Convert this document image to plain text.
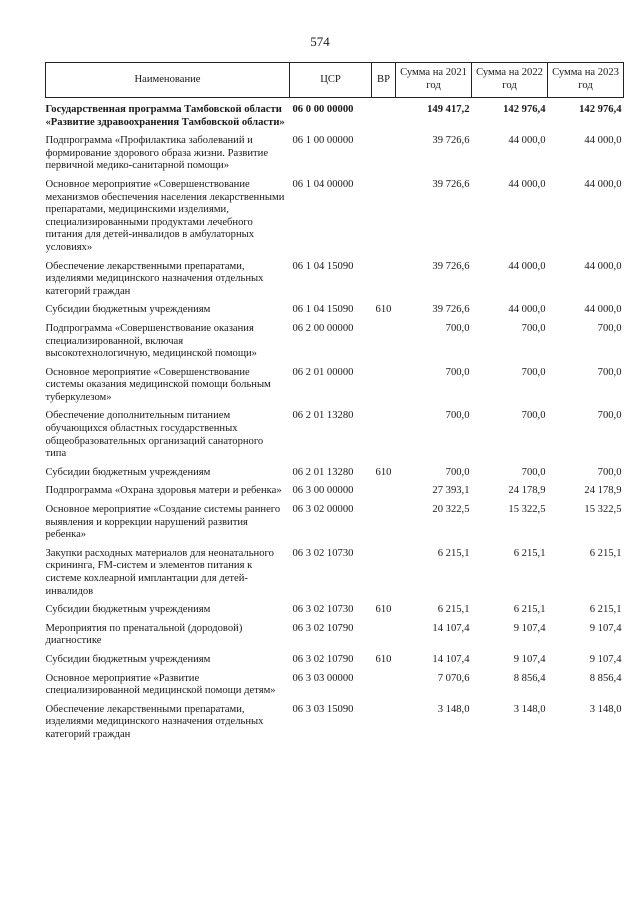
574
Наименование	ЦСР	ВР	Сумма на 2021 год	Сумма на 2022 год	Сумма на 2023 год
Государственная программа Тамбовской области «Развитие здравоохранения Тамбовской области»	06 0 00 00000		149 417,2	142 976,4	142 976,4
Подпрограмма «Профилактика заболеваний и формирование здорового образа жизни. Развитие первичной медико-санитарной помощи»	06 1 00 00000		39 726,6	44 000,0	44 000,0
Основное мероприятие «Совершенствование механизмов обеспечения населения лекарственными препаратами, медицинскими изделиями, специализированными продуктами лечебного питания для детей-инвалидов в амбулаторных условиях»	06 1 04 00000		39 726,6	44 000,0	44 000,0
Обеспечение лекарственными препаратами, изделиями медицинского назначения отдельных категорий граждан	06 1 04 15090		39 726,6	44 000,0	44 000,0
Субсидии бюджетным учреждениям	06 1 04 15090	610	39 726,6	44 000,0	44 000,0
Подпрограмма «Совершенствование оказания специализированной, включая высокотехнологичную, медицинской помощи»	06 2 00 00000		700,0	700,0	700,0
Основное мероприятие «Совершенствование системы оказания медицинской помощи больным туберкулезом»	06 2 01 00000		700,0	700,0	700,0
Обеспечение дополнительным питанием обучающихся областных государственных общеобразовательных организаций санаторного типа	06 2 01 13280		700,0	700,0	700,0
Субсидии бюджетным учреждениям	06 2 01 13280	610	700,0	700,0	700,0
Подпрограмма «Охрана здоровья матери и ребенка»	06 3 00 00000		27 393,1	24 178,9	24 178,9
Основное мероприятие «Создание системы раннего выявления и коррекции нарушений развития ребенка»	06 3 02 00000		20 322,5	15 322,5	15 322,5
Закупки расходных материалов для неонатального скрининга, FM-систем и элементов питания к системе кохлеарной имплантации для детей-инвалидов	06 3 02 10730		6 215,1	6 215,1	6 215,1
Субсидии бюджетным учреждениям	06 3 02 10730	610	6 215,1	6 215,1	6 215,1
Мероприятия по пренатальной (дородовой) диагностике	06 3 02 10790		14 107,4	9 107,4	9 107,4
Субсидии бюджетным учреждениям	06 3 02 10790	610	14 107,4	9 107,4	9 107,4
Основное мероприятие «Развитие специализированной медицинской помощи детям»	06 3 03 00000		7 070,6	8 856,4	8 856,4
Обеспечение лекарственными препаратами, изделиями медицинского назначения отдельных категорий граждан	06 3 03 15090		3 148,0	3 148,0	3 148,0
